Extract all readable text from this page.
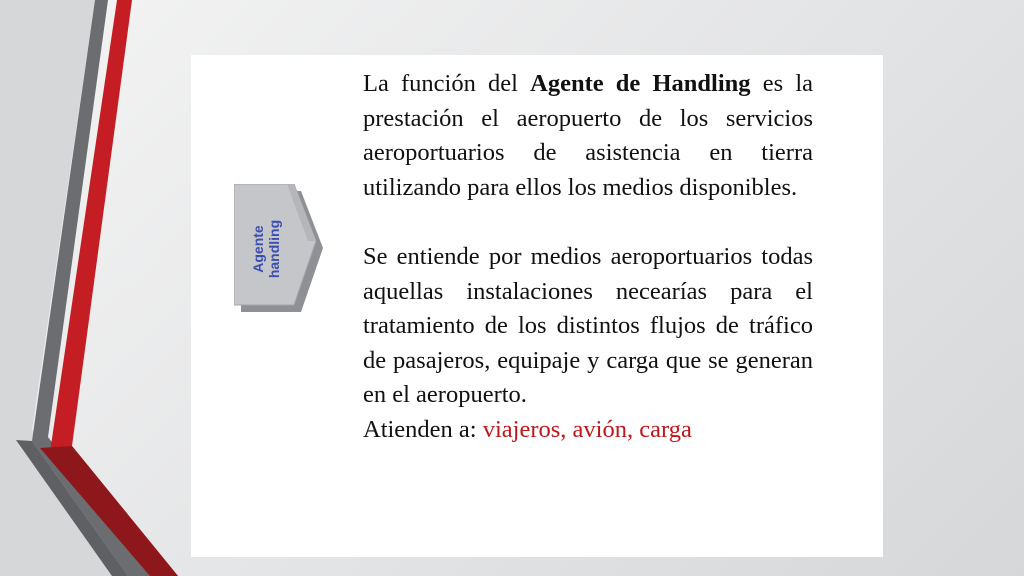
Agente handling

La función del Agente de Handling es la prestación el aeropuerto de los servicios aeroportuarios de asistencia en tierra utilizando para ellos los medios disponibles.

Se entiende por medios aeroportuarios todas aquellas instalaciones necearías para el tratamiento de los distintos flujos de tráfico de pasajeros, equipaje y carga que se generan en el aeropuerto.

Atienden a: viajeros, avión, carga
